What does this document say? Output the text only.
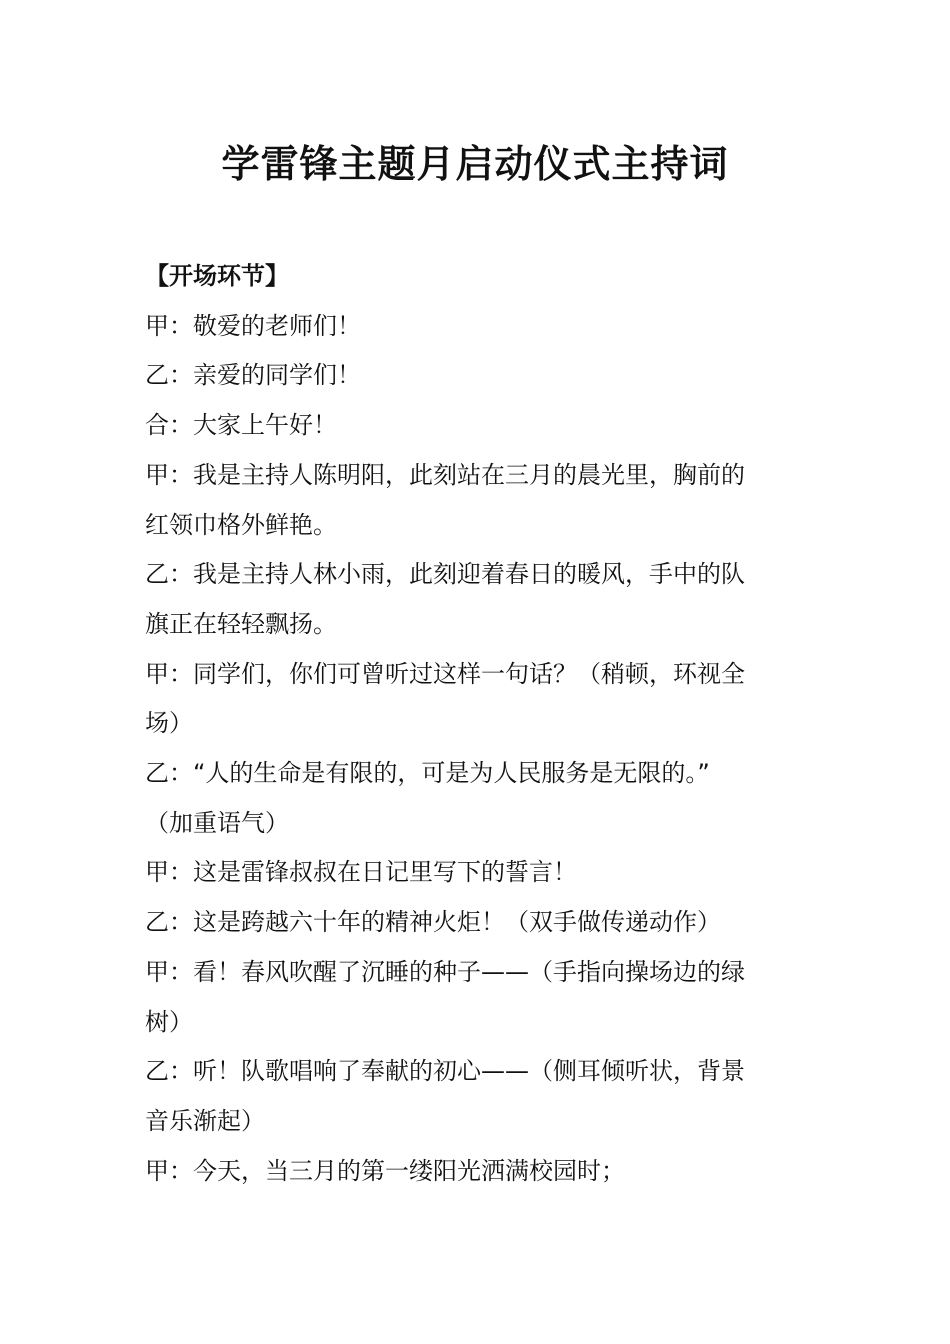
学雷锋主题月启动仪式主持词

【开场环节】

甲：敬爱的老师们！

乙：亲爱的同学们！

合：大家上午好！

甲：我是主持人陈明阳，此刻站在三月的晨光里，胸前的

红领巾格外鲜艳。

乙：我是主持人林小雨，此刻迎着春日的暖风，手中的队

旗正在轻轻飘扬。

甲：同学们，你们可曾听过这样一句话？（稍顿，环视全

场）

乙：“人的生命是有限的，可是为人民服务是无限的。”

（加重语气）

甲：这是雷锋叔叔在日记里写下的誓言！

乙：这是跨越六十年的精神火炬！（双手做传递动作）

甲：看！春风吹醒了沉睡的种子——（手指向操场边的绿

树）

乙：听！队歌唱响了奉献的初心——（侧耳倾听状，背景

音乐渐起）

甲：今天，当三月的第一缕阳光洒满校园时；
